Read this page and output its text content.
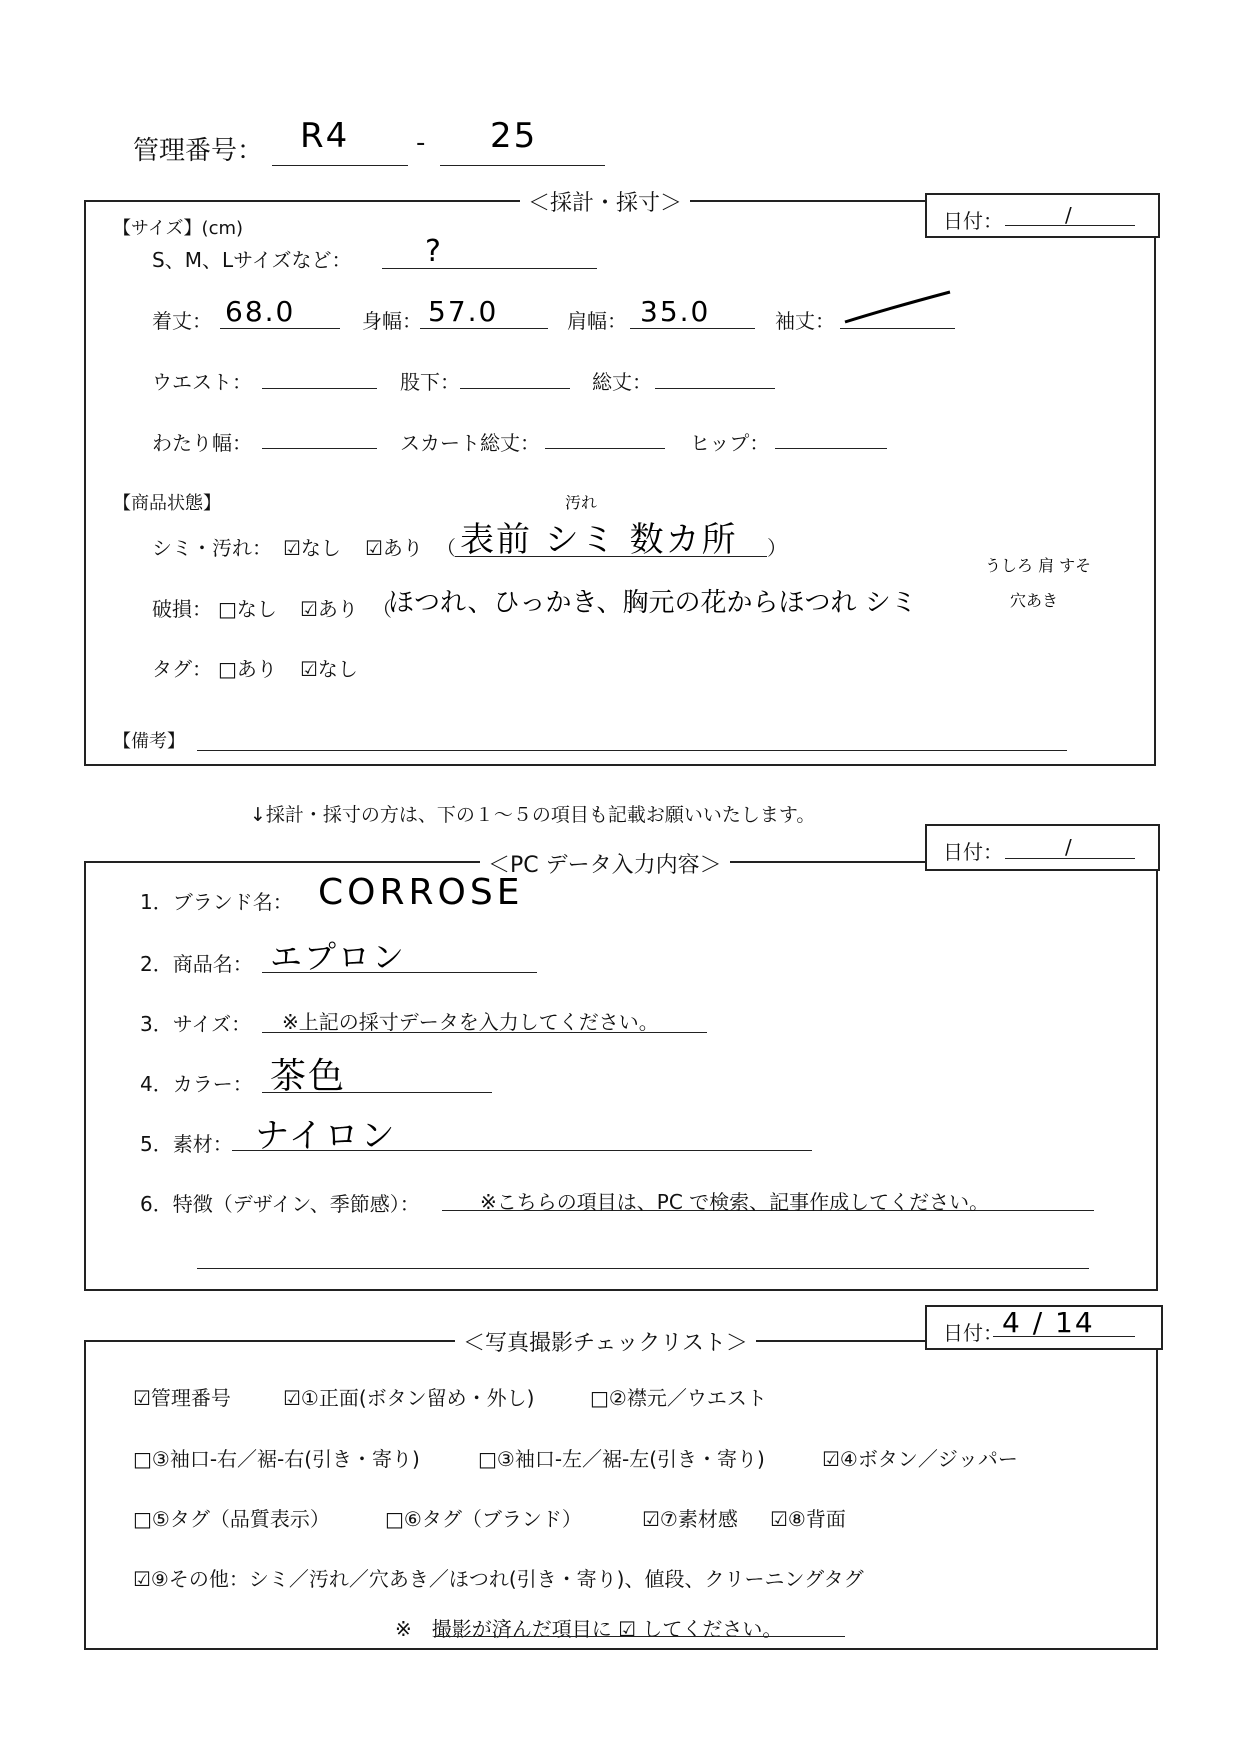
管理番号： R4	- 25
＜採計・採寸＞
日付：	/
【サイズ】(cm)
S、M、Lサイズなど： ?
着丈： 68.0	身幅： 57.0	肩幅： 35.0	袖丈：
ウエスト：	股下：	総丈：
わたり幅：	スカート総丈：	ヒップ：
【商品状態】
シミ・汚れ： ☑なし ☑あり （ 表前 シミ 数カ所
汚れ
）
破損： □なし ☑あり （
ほつれ、ひっかき、胸元の花からほつれ シミ
うしろ 肩 すそ
穴あき
タグ： □あり ☑なし
【備考】
↓採計・採寸の方は、下の１～５の項目も記載お願いいたします。
＜PC データ入力内容＞
日付：	/
1．ブランド名： CORROSE
2．商品名： エプロン
3．サイズ： ※上記の採寸データを入力してください。
4．カラー： 茶色
5．素材： ナイロン
6．特徴（デザイン、季節感）：	※こちらの項目は、PC で検索、記事作成してください。
＜写真撮影チェックリスト＞	日付： 4 / 14
☑管理番号	☑①正面(ボタン留め・外し)	□②襟元／ウエスト
□③袖口-右／裾-右(引き・寄り)	□③袖口-左／裾-左(引き・寄り)	☑④ボタン／ジッパー
□⑤タグ（品質表示）	□⑥タグ（ブランド）	☑⑦素材感 ☑⑧背面
☑⑨その他：シミ／汚れ／穴あき／ほつれ(引き・寄り)、値段、クリーニングタグ
※　撮影が済んだ項目に ☑ してください。
